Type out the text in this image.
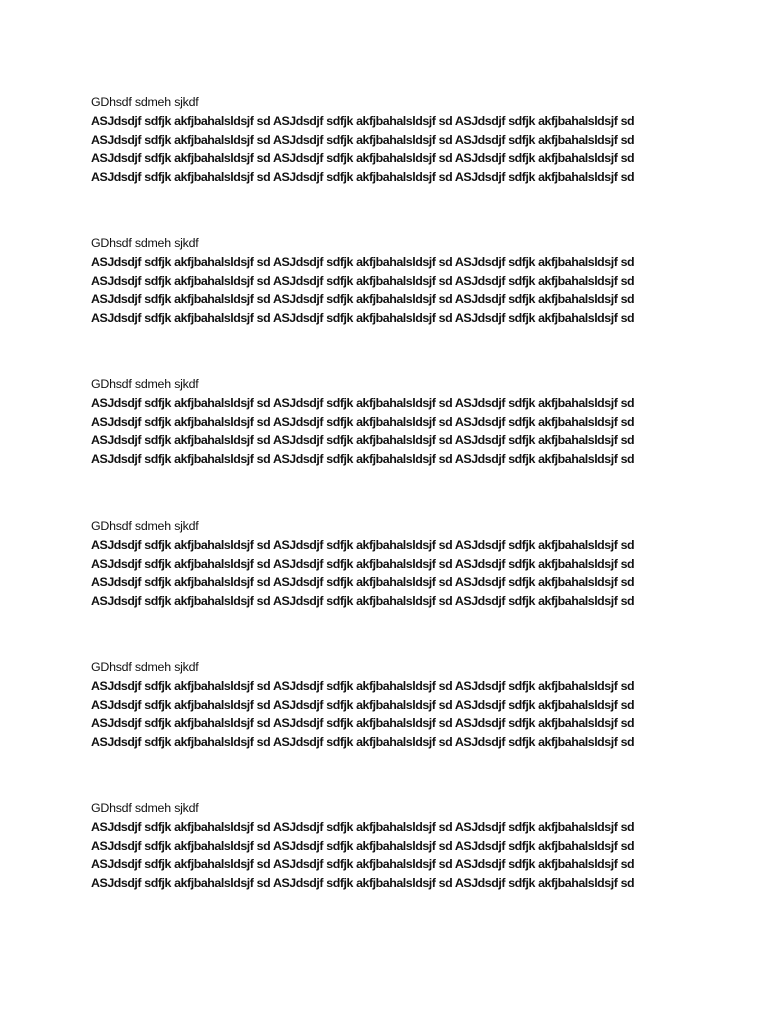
GDhsdf sdmeh sjkdf
ASJdsdjf sdfjk akfjbahalsldsjf sd ASJdsdjf sdfjk akfjbahalsldsjf sd ASJdsdjf sdfjk akfjbahalsldsjf sd ASJdsdjf sdfjk akfjbahalsldsjf sd ASJdsdjf sdfjk akfjbahalsldsjf sd ASJdsdjf sdfjk akfjbahalsldsjf sd ASJdsdjf sdfjk akfjbahalsldsjf sd ASJdsdjf sdfjk akfjbahalsldsjf sd ASJdsdjf sdfjk akfjbahalsldsjf sd ASJdsdjf sdfjk akfjbahalsldsjf sd ASJdsdjf sdfjk akfjbahalsldsjf sd ASJdsdjf sdfjk akfjbahalsldsjf sd
GDhsdf sdmeh sjkdf
ASJdsdjf sdfjk akfjbahalsldsjf sd ASJdsdjf sdfjk akfjbahalsldsjf sd ASJdsdjf sdfjk akfjbahalsldsjf sd ASJdsdjf sdfjk akfjbahalsldsjf sd ASJdsdjf sdfjk akfjbahalsldsjf sd ASJdsdjf sdfjk akfjbahalsldsjf sd ASJdsdjf sdfjk akfjbahalsldsjf sd ASJdsdjf sdfjk akfjbahalsldsjf sd ASJdsdjf sdfjk akfjbahalsldsjf sd ASJdsdjf sdfjk akfjbahalsldsjf sd ASJdsdjf sdfjk akfjbahalsldsjf sd ASJdsdjf sdfjk akfjbahalsldsjf sd
GDhsdf sdmeh sjkdf
ASJdsdjf sdfjk akfjbahalsldsjf sd ASJdsdjf sdfjk akfjbahalsldsjf sd ASJdsdjf sdfjk akfjbahalsldsjf sd ASJdsdjf sdfjk akfjbahalsldsjf sd ASJdsdjf sdfjk akfjbahalsldsjf sd ASJdsdjf sdfjk akfjbahalsldsjf sd ASJdsdjf sdfjk akfjbahalsldsjf sd ASJdsdjf sdfjk akfjbahalsldsjf sd ASJdsdjf sdfjk akfjbahalsldsjf sd ASJdsdjf sdfjk akfjbahalsldsjf sd ASJdsdjf sdfjk akfjbahalsldsjf sd ASJdsdjf sdfjk akfjbahalsldsjf sd
GDhsdf sdmeh sjkdf
ASJdsdjf sdfjk akfjbahalsldsjf sd ASJdsdjf sdfjk akfjbahalsldsjf sd ASJdsdjf sdfjk akfjbahalsldsjf sd ASJdsdjf sdfjk akfjbahalsldsjf sd ASJdsdjf sdfjk akfjbahalsldsjf sd ASJdsdjf sdfjk akfjbahalsldsjf sd ASJdsdjf sdfjk akfjbahalsldsjf sd ASJdsdjf sdfjk akfjbahalsldsjf sd ASJdsdjf sdfjk akfjbahalsldsjf sd ASJdsdjf sdfjk akfjbahalsldsjf sd ASJdsdjf sdfjk akfjbahalsldsjf sd ASJdsdjf sdfjk akfjbahalsldsjf sd
GDhsdf sdmeh sjkdf
ASJdsdjf sdfjk akfjbahalsldsjf sd ASJdsdjf sdfjk akfjbahalsldsjf sd ASJdsdjf sdfjk akfjbahalsldsjf sd ASJdsdjf sdfjk akfjbahalsldsjf sd ASJdsdjf sdfjk akfjbahalsldsjf sd ASJdsdjf sdfjk akfjbahalsldsjf sd ASJdsdjf sdfjk akfjbahalsldsjf sd ASJdsdjf sdfjk akfjbahalsldsjf sd ASJdsdjf sdfjk akfjbahalsldsjf sd ASJdsdjf sdfjk akfjbahalsldsjf sd ASJdsdjf sdfjk akfjbahalsldsjf sd ASJdsdjf sdfjk akfjbahalsldsjf sd
GDhsdf sdmeh sjkdf
ASJdsdjf sdfjk akfjbahalsldsjf sd ASJdsdjf sdfjk akfjbahalsldsjf sd ASJdsdjf sdfjk akfjbahalsldsjf sd ASJdsdjf sdfjk akfjbahalsldsjf sd ASJdsdjf sdfjk akfjbahalsldsjf sd ASJdsdjf sdfjk akfjbahalsldsjf sd ASJdsdjf sdfjk akfjbahalsldsjf sd ASJdsdjf sdfjk akfjbahalsldsjf sd ASJdsdjf sdfjk akfjbahalsldsjf sd ASJdsdjf sdfjk akfjbahalsldsjf sd ASJdsdjf sdfjk akfjbahalsldsjf sd ASJdsdjf sdfjk akfjbahalsldsjf sd
